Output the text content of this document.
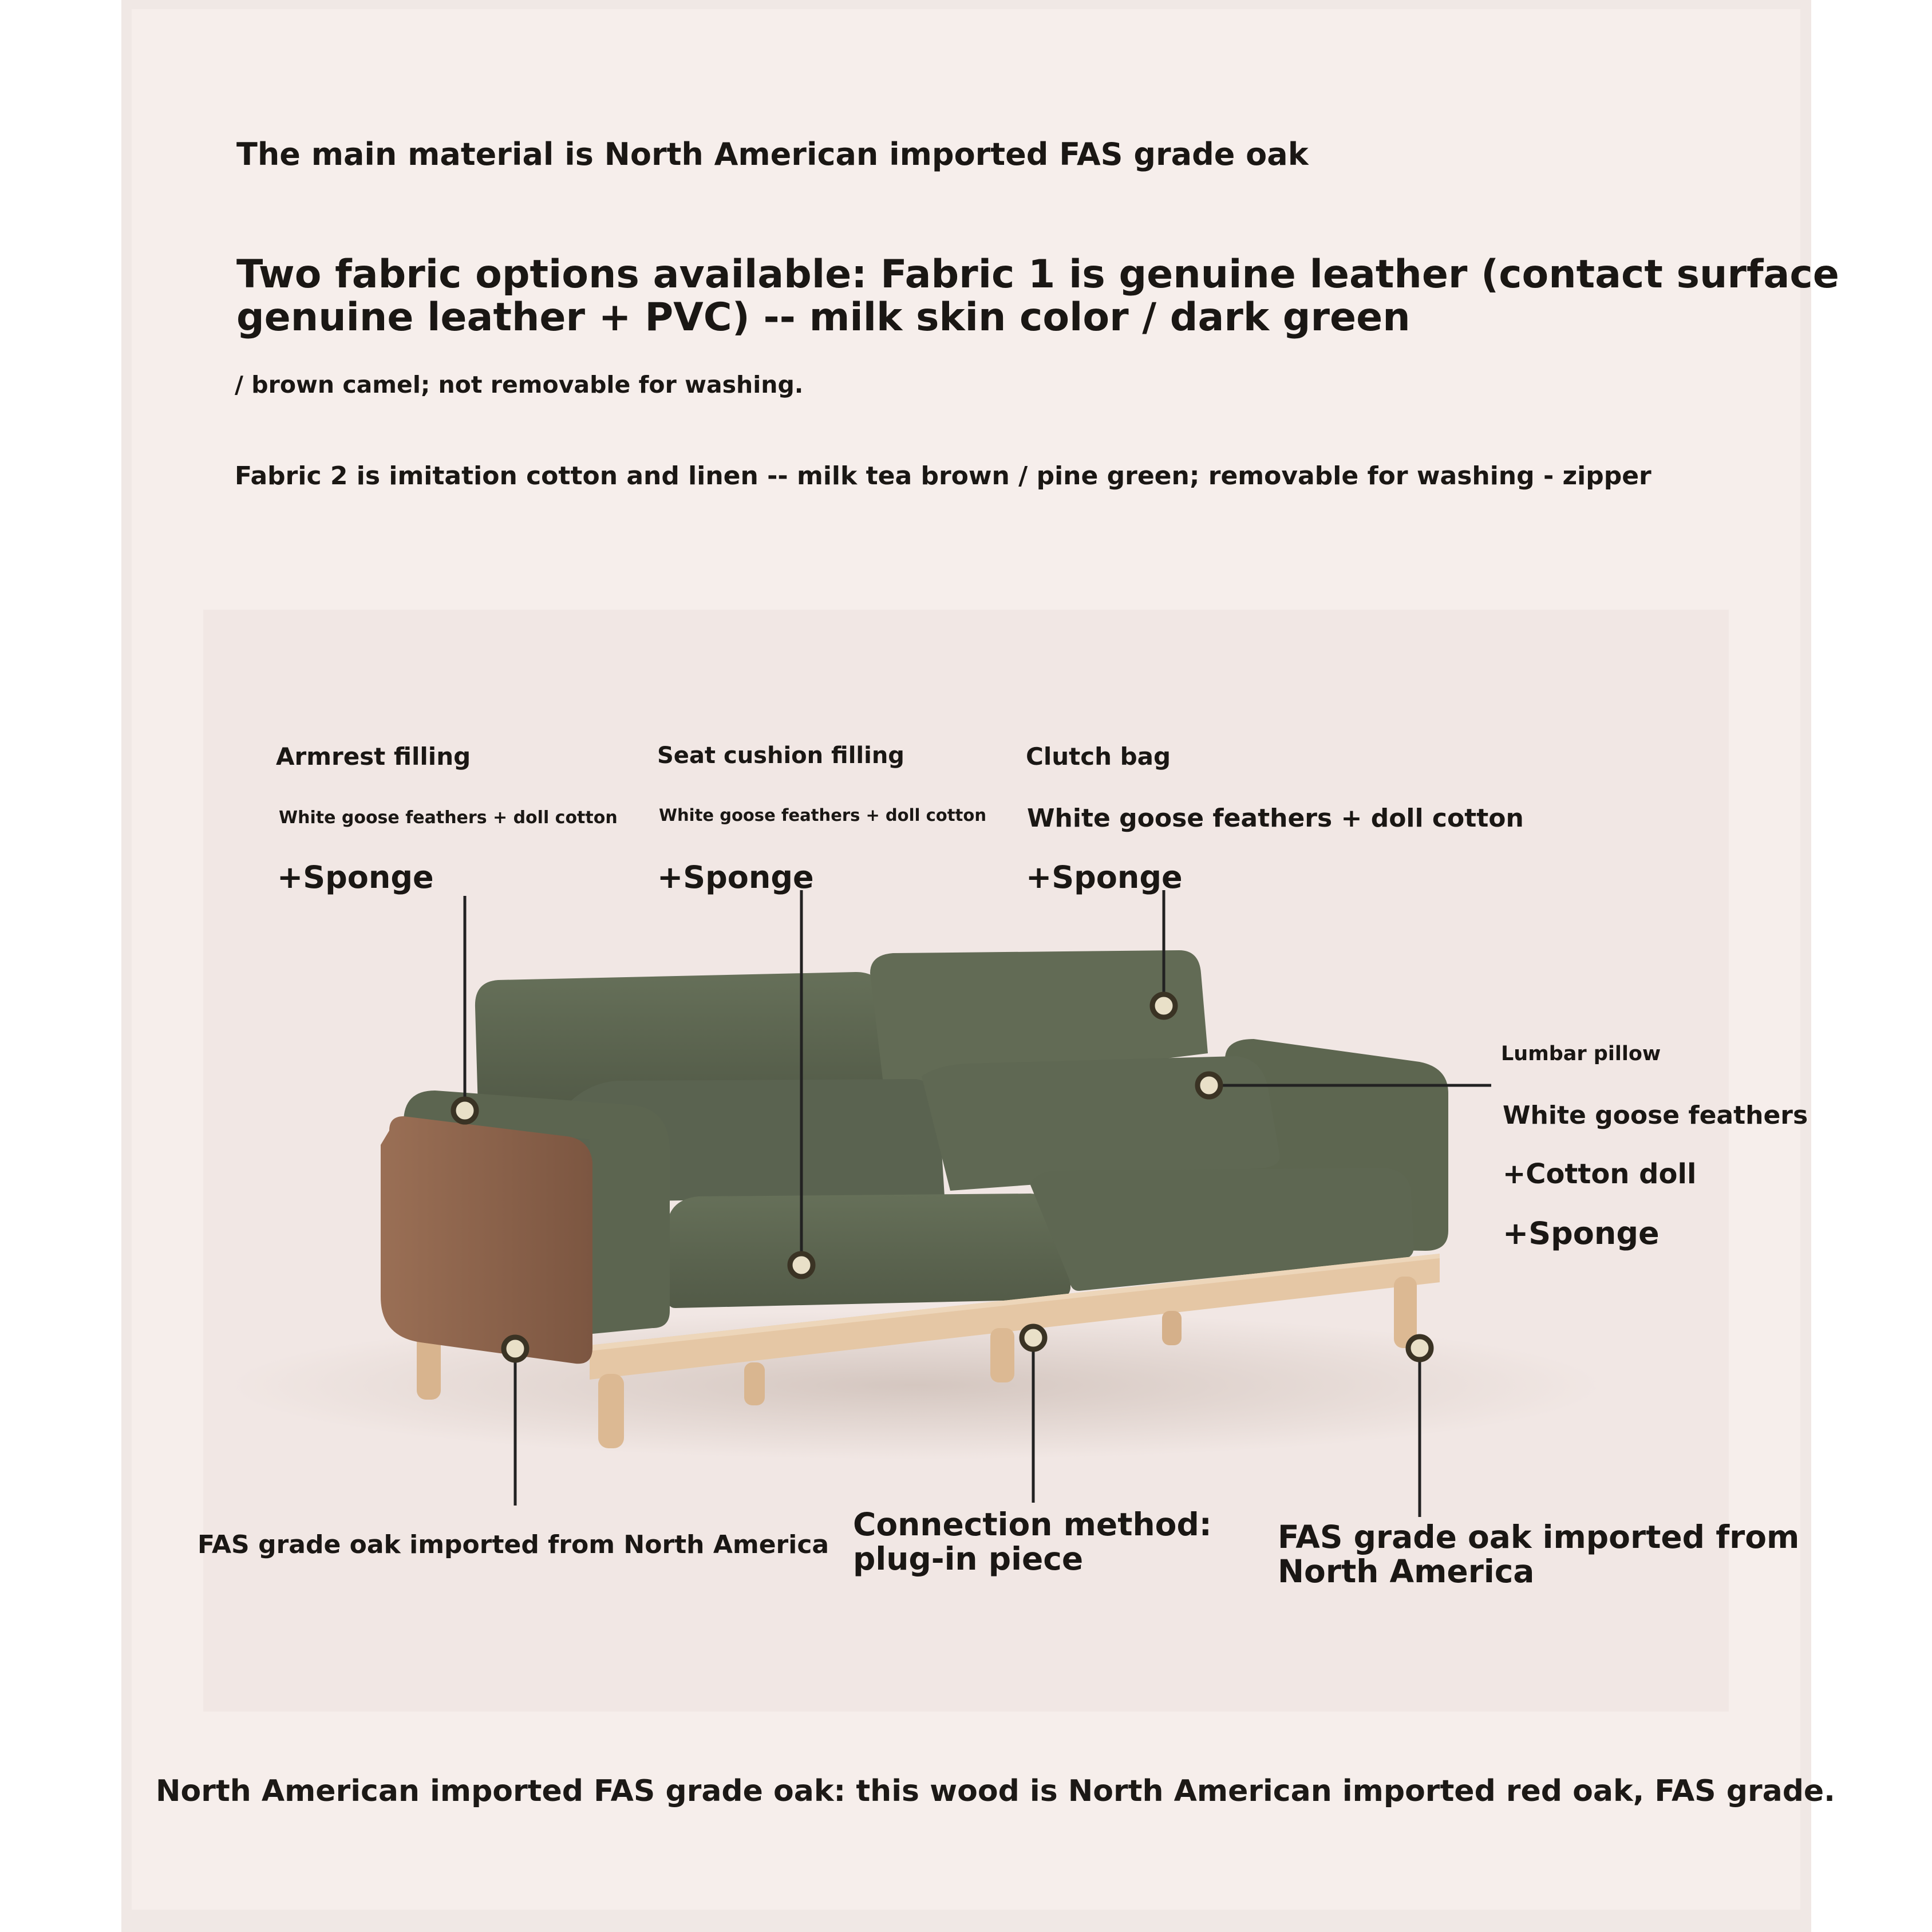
The main material is North American imported FAS grade oak

Two fabric options available: Fabric 1 is genuine leather (contact surface

genuine leather + PVC) -- milk skin color / dark green

/ brown camel; not removable for washing.

Fabric 2 is imitation cotton and linen -- milk tea brown / pine green; removable for washing - zipper

Armrest filling

White goose feathers + doll cotton

+Sponge

Seat cushion filling

White goose feathers + doll cotton

+Sponge

Clutch bag

White goose feathers + doll cotton

+Sponge

Lumbar pillow

White goose feathers

+Cotton doll

+Sponge

FAS grade oak imported from North America

Connection method:

plug-in piece

FAS grade oak imported from

North America

North American imported FAS grade oak: this wood is North American imported red oak, FAS grade.
